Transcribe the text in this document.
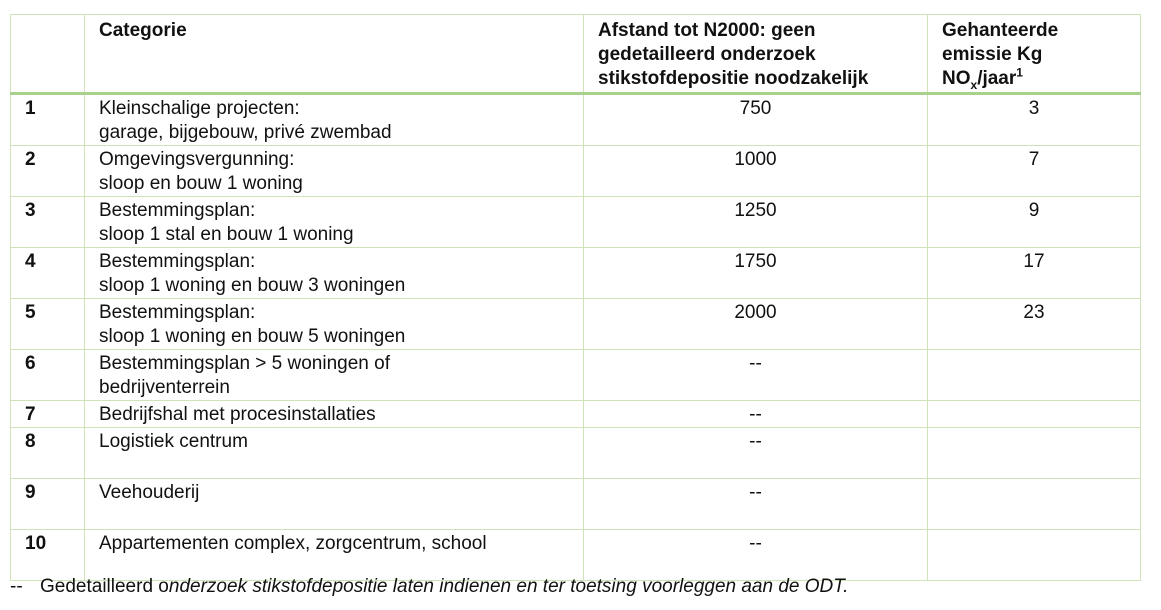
	Categorie	Afstand tot N2000: geen
gedetailleerd onderzoek
stikstofdepositie noodzakelijk	Gehanteerde
emissie Kg
$NO_x/jaar^1$

1	Kleinschalige projecten:
garage, bijgebouw, privé zwembad	750	3
2	Omgevingsvergunning:
sloop en bouw 1 woning	1000	7
3	Bestemmingsplan:
sloop 1 stal en bouw 1 woning	1250	9
4	Bestemmingsplan:
sloop 1 woning en bouw 3 woningen	1750	17
5	Bestemmingsplan:
sloop 1 woning en bouw 5 woningen	2000	23
6	Bestemmingsplan > 5 woningen of
bedrijventerrein	--	
7	Bedrijfshal met procesinstallaties	--	
8	Logistiek centrum	--	
9	Veehouderij	--	
10	Appartementen complex, zorgcentrum, school	--	
-- Gedetailleerd onderzoek stikstofdepositie laten indienen en ter toetsing voorleggen aan de ODT.
